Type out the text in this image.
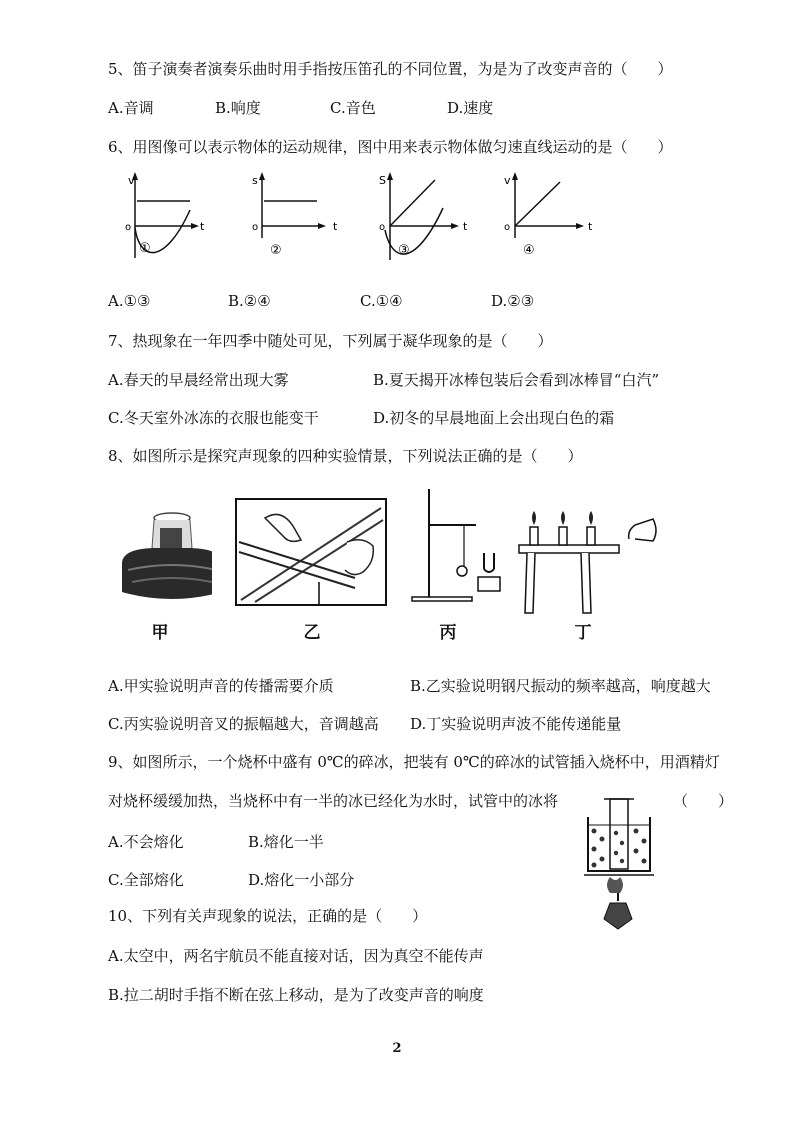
5、笛子演奏者演奏乐曲时用手指按压笛孔的不同位置，为是为了改变声音的（　　）
A.音调	B.响度	C.音色	D.速度
6、用图像可以表示物体的运动规律，图中用来表示物体做匀速直线运动的是（　　）
v
o	t
①
s
o	t
②
S
o	t
③
v
o	t
④
A.①③	B.②④	C.①④	D.②③
7、热现象在一年四季中随处可见，下列属于凝华现象的是（　　）
A.春天的早晨经常出现大雾	B.夏天揭开冰棒包装后会看到冰棒冒“白汽”
C.冬天室外冰冻的衣服也能变干	D.初冬的早晨地面上会出现白色的霜
8、如图所示是探究声现象的四种实验情景，下列说法正确的是（　　）
甲	乙	丙	丁
A.甲实验说明声音的传播需要介质	B.乙实验说明钢尺振动的频率越高，响度越大
C.丙实验说明音叉的振幅越大，音调越高 D.丁实验说明声波不能传递能量
9、如图所示，一个烧杯中盛有 0℃的碎冰，把装有 0℃的碎冰的试管插入烧杯中，用酒精灯
对烧杯缓缓加热，当烧杯中有一半的冰已经化为水时，试管中的冰将	（　　）
A.不会熔化	B.熔化一半
C.全部熔化	D.熔化一小部分
10、下列有关声现象的说法，正确的是（　　）
A.太空中，两名宇航员不能直接对话，因为真空不能传声
B.拉二胡时手指不断在弦上移动，是为了改变声音的响度
2
